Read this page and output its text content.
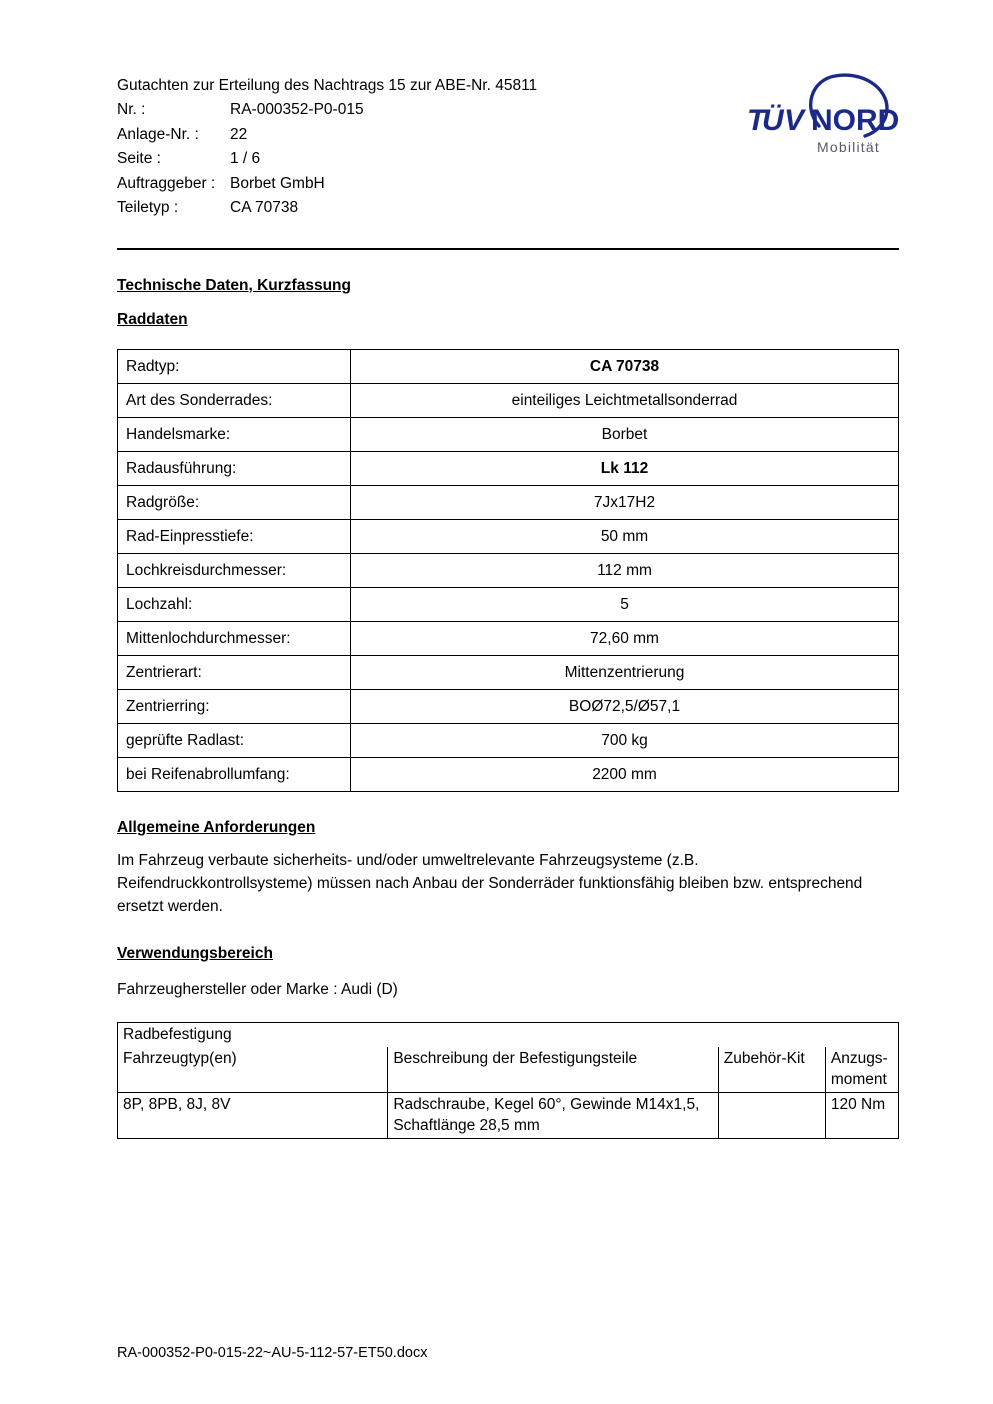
Gutachten zur Erteilung des Nachtrags 15 zur ABE-Nr. 45811
Nr. :	RA-000352-P0-015
Anlage-Nr. :	22
Seite :	1 / 6
Auftraggeber : Borbet GmbH
Teiletyp :	CA 70738
T
Ü V NORD
Mobilität
Technische Daten, Kurzfassung
Raddaten
Radtyp:	CA 70738
Art des Sonderrades:	einteiliges Leichtmetallsonderrad
Handelsmarke:	Borbet
Radausführung:	Lk 112
Radgröße:	7Jx17H2
Rad-Einpresstiefe:	50 mm
Lochkreisdurchmesser:	112 mm
Lochzahl:	5
Mittenlochdurchmesser:	72,60 mm
Zentrierart:	Mittenzentrierung
Zentrierring:	BOØ72,5/Ø57,1
geprüfte Radlast:	700 kg
bei Reifenabrollumfang:	2200 mm
Allgemeine Anforderungen

Im Fahrzeug verbaute sicherheits- und/oder umweltrelevante Fahrzeugsysteme (z.B. Reifendruckkontrollsysteme) müssen nach Anbau der Sonderräder funktionsfähig bleiben bzw. entsprechend ersetzt werden.

Verwendungsbereich

Fahrzeughersteller oder Marke : Audi (D)

Radbefestigung			
Fahrzeugtyp(en)	Beschreibung der Befestigungsteile	Zubehör-Kit	Anzugs-moment
8P, 8PB, 8J, 8V	Radschraube, Kegel 60°, Gewinde M14x1,5, Schaftlänge 28,5 mm		120 Nm
RA-000352-P0-015-22~AU-5-112-57-ET50.docx
